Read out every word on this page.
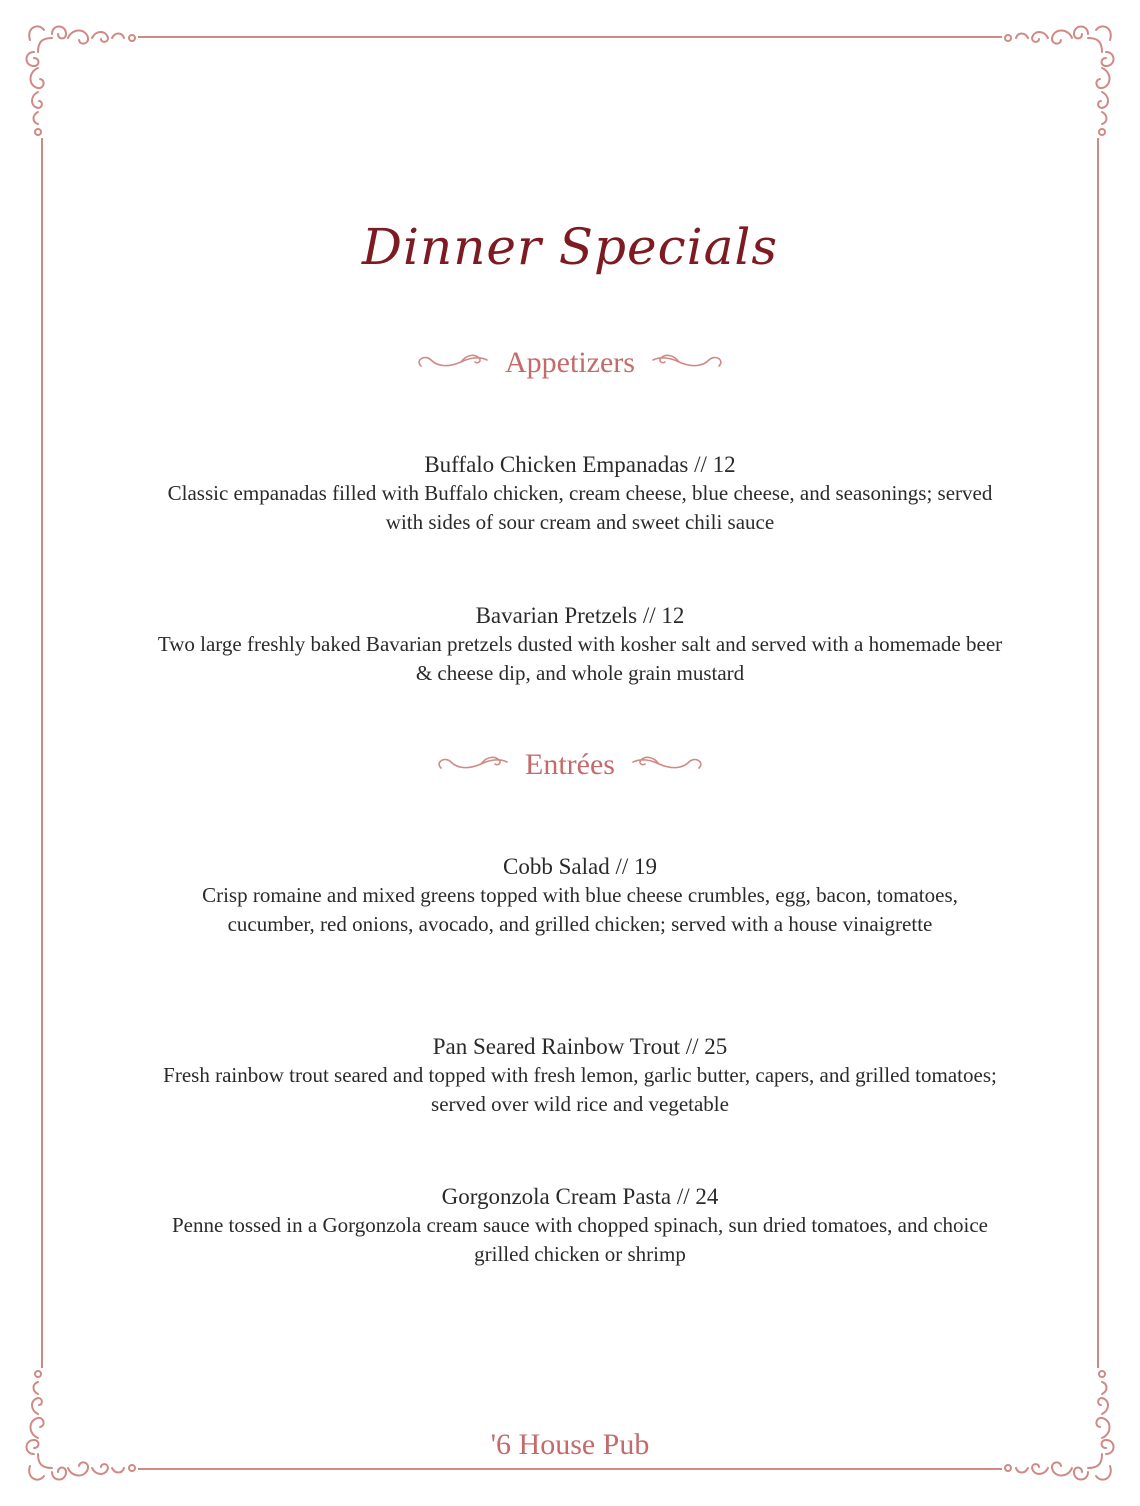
Dinner Specials
Appetizers
Buffalo Chicken Empanadas // 12
Classic empanadas filled with Buffalo chicken, cream cheese, blue cheese, and seasonings; served with sides of sour cream and sweet chili sauce
Bavarian Pretzels // 12
Two large freshly baked Bavarian pretzels dusted with kosher salt and served with a homemade beer & cheese dip, and whole grain mustard
Entrées
Cobb Salad // 19
Crisp romaine and mixed greens topped with blue cheese crumbles, egg, bacon, tomatoes, cucumber, red onions, avocado, and grilled chicken; served with a house vinaigrette
Pan Seared Rainbow Trout // 25
Fresh rainbow trout seared and topped with fresh lemon, garlic butter, capers, and grilled tomatoes; served over wild rice and vegetable
Gorgonzola Cream Pasta // 24
Penne tossed in a Gorgonzola cream sauce with chopped spinach, sun dried tomatoes, and choice grilled chicken or shrimp
'6 House Pub
